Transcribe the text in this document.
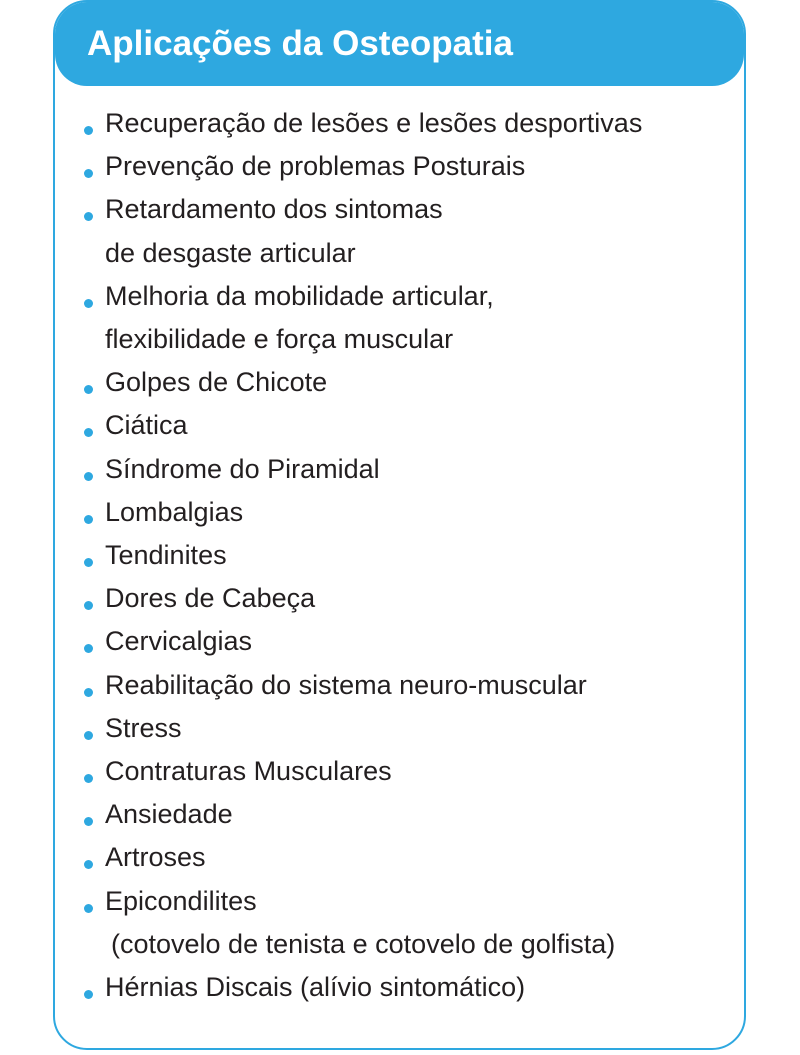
Aplicações da Osteopatia
Recuperação de lesões e lesões desportivas
Prevenção de problemas Posturais
Retardamento dos sintomas
de desgaste articular
Melhoria da mobilidade articular,
flexibilidade e força muscular
Golpes de Chicote
Ciática
Síndrome do Piramidal
Lombalgias
Tendinites
Dores de Cabeça
Cervicalgias
Reabilitação do sistema neuro-muscular
Stress
Contraturas Musculares
Ansiedade
Artroses
Epicondilites
(cotovelo de tenista e cotovelo de golfista)
Hérnias Discais (alívio sintomático)
